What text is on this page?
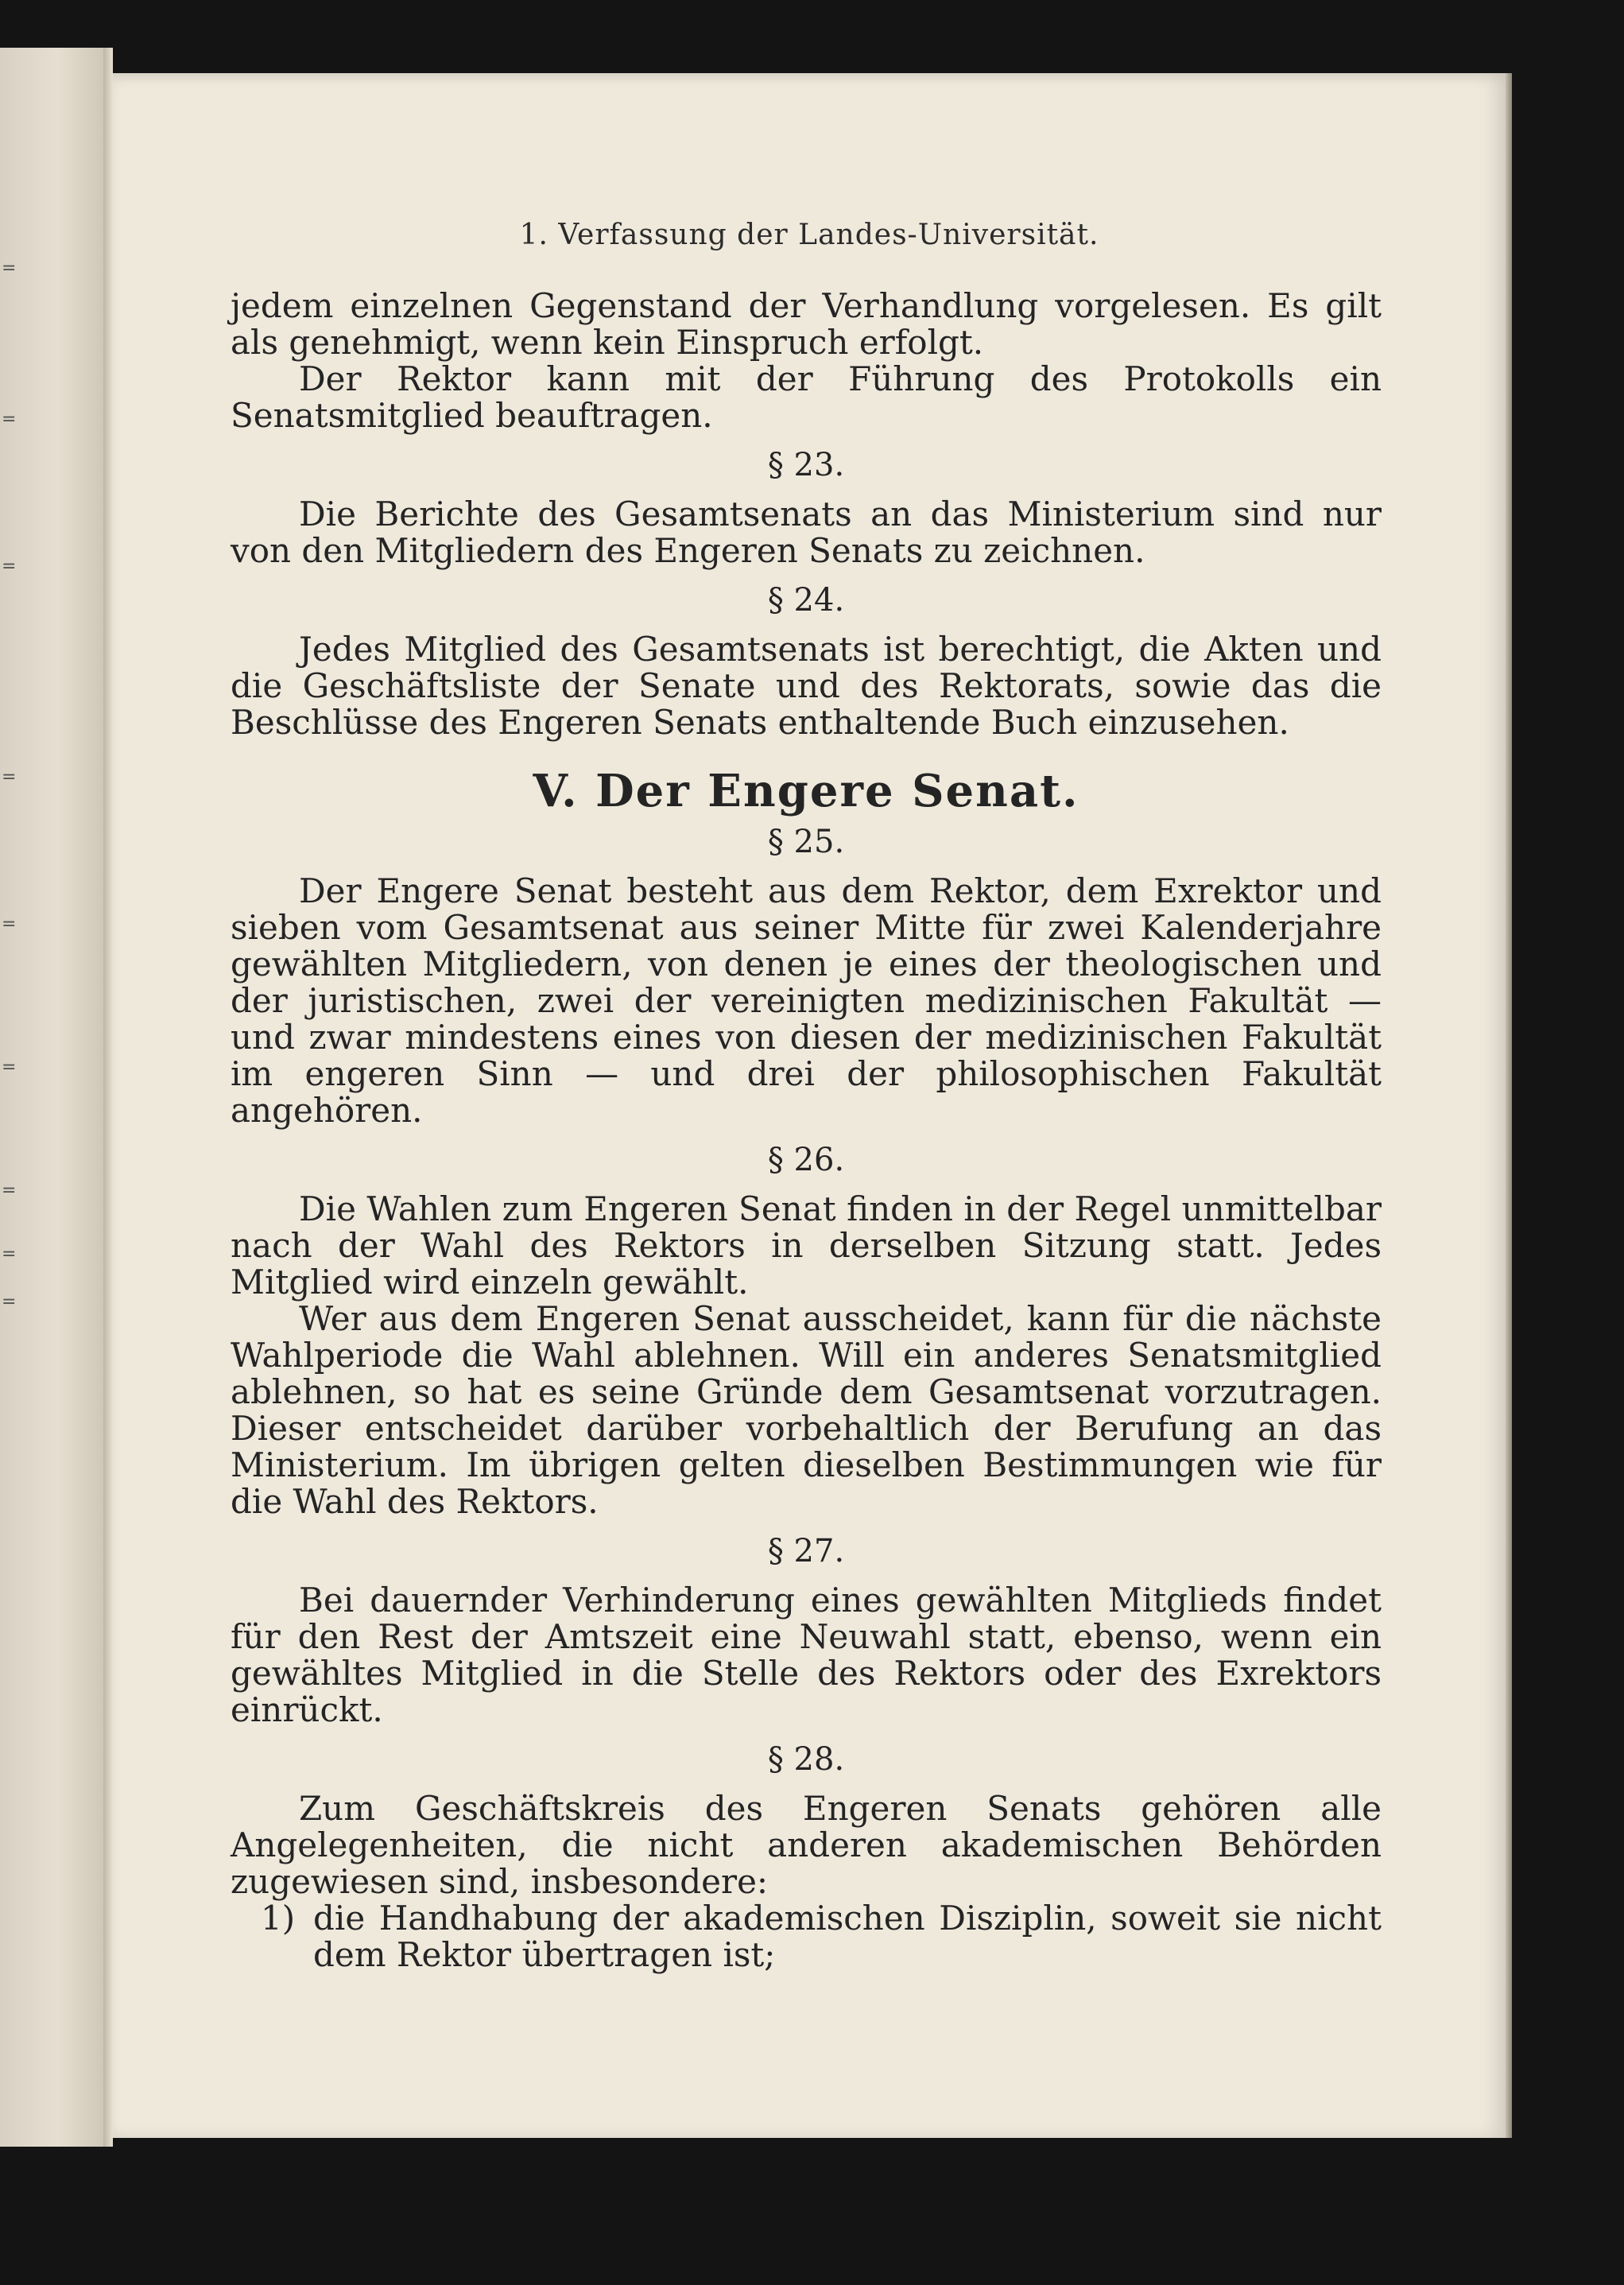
=
=
=
=
=
=
=
=
=
1. Verfassung der Landes-Universität.

jedem einzelnen Gegenstand der Verhandlung vorgelesen. Es gilt als genehmigt, wenn kein Einspruch erfolgt.

Der Rektor kann mit der Führung des Protokolls ein Senatsmitglied beauftragen.

§ 23.

Die Berichte des Gesamtsenats an das Ministerium sind nur von den Mitgliedern des Engeren Senats zu zeichnen.

§ 24.

Jedes Mitglied des Gesamtsenats ist berechtigt, die Akten und die Geschäftsliste der Senate und des Rektorats, sowie das die Beschlüsse des Engeren Senats enthaltende Buch einzusehen.

V. Der Engere Senat.
§ 25.

Der Engere Senat besteht aus dem Rektor, dem Exrektor und sieben vom Gesamtsenat aus seiner Mitte für zwei Kalenderjahre gewählten Mitgliedern, von denen je eines der theologischen und der juristischen, zwei der vereinigten medizinischen Fakultät — und zwar mindestens eines von diesen der medizinischen Fakultät im engeren Sinn — und drei der philosophischen Fakultät angehören.

§ 26.

Die Wahlen zum Engeren Senat finden in der Regel unmittelbar nach der Wahl des Rektors in derselben Sitzung statt. Jedes Mitglied wird einzeln gewählt.

Wer aus dem Engeren Senat ausscheidet, kann für die nächste Wahlperiode die Wahl ablehnen. Will ein anderes Senatsmitglied ablehnen, so hat es seine Gründe dem Gesamtsenat vorzutragen. Dieser entscheidet darüber vorbehaltlich der Berufung an das Ministerium. Im übrigen gelten dieselben Bestimmungen wie für die Wahl des Rektors.

§ 27.

Bei dauernder Verhinderung eines gewählten Mitglieds findet für den Rest der Amtszeit eine Neuwahl statt, ebenso, wenn ein gewähltes Mitglied in die Stelle des Rektors oder des Exrektors einrückt.

§ 28.

Zum Geschäftskreis des Engeren Senats gehören alle Angelegenheiten, die nicht anderen akademischen Behörden zugewiesen sind, insbesondere:

1) die Handhabung der akademischen Disziplin, soweit sie nicht dem Rektor übertragen ist;
